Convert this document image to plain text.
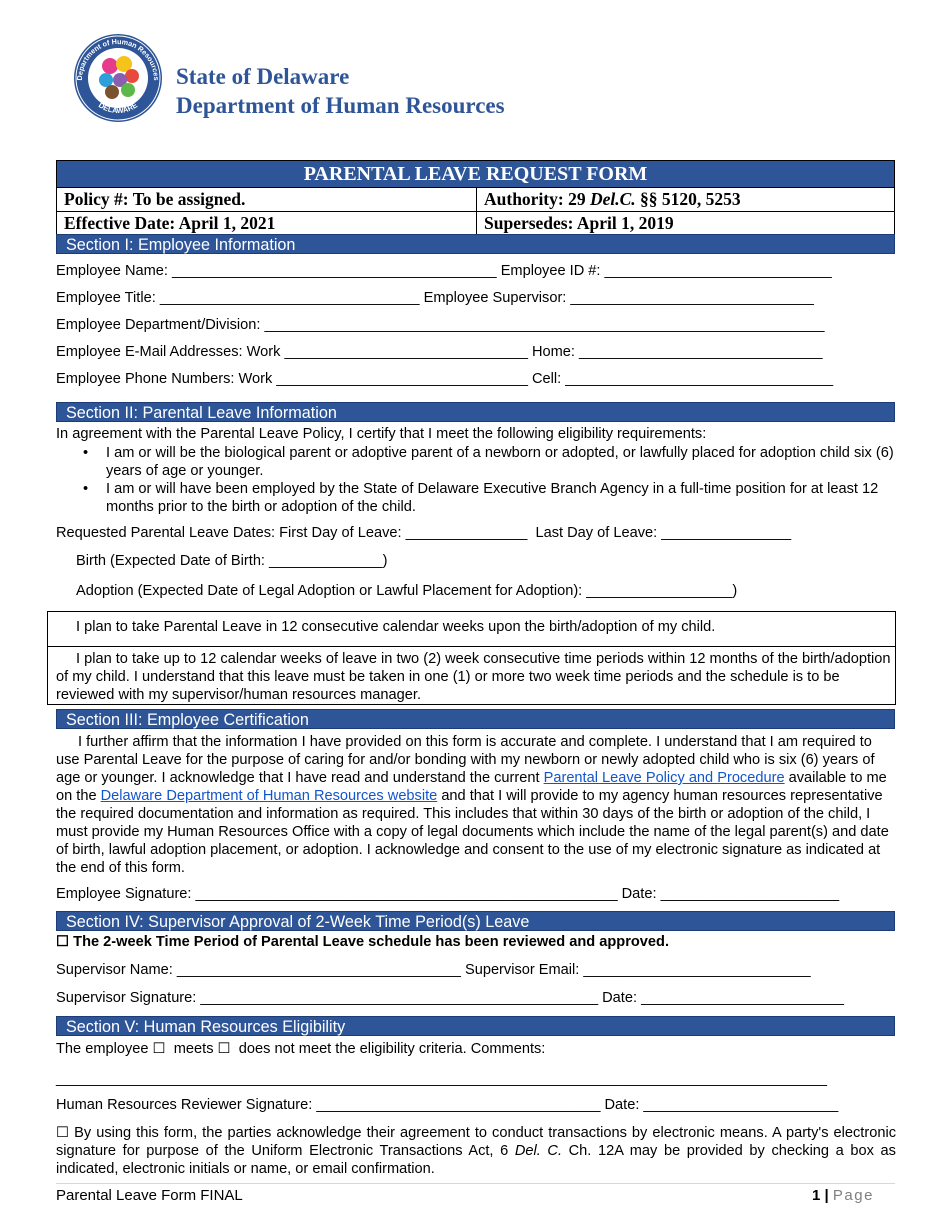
Department of Human Resources
DELAWARE
State of Delaware
Department of Human Resources
PARENTAL LEAVE REQUEST FORM
Policy #: To be assigned.	Authority: 29 Del.C. §§ 5120, 5253
Effective Date: April 1, 2021	Supersedes: April 1, 2019
Section I: Employee Information
Employee Name: ________________________________________ Employee ID #: ____________________________
Employee Title: ________________________________ Employee Supervisor: ______________________________
Employee Department/Division: _____________________________________________________________________
Employee E-Mail Addresses: Work ______________________________ Home: ______________________________
Employee Phone Numbers: Work _______________________________ Cell: _________________________________
Section II: Parental Leave Information
In agreement with the Parental Leave Policy, I certify that I meet the following eligibility requirements:
• I am or will be the biological parent or adoptive parent of a newborn or adopted, or lawfully placed for adoption child six (6) years of age or younger.
• I am or will have been employed by the State of Delaware Executive Branch Agency in a full-time position for at least 12 months prior to the birth or adoption of the child.
Requested Parental Leave Dates: First Day of Leave: _______________  Last Day of Leave: ________________
Birth (Expected Date of Birth: ______________)
Adoption (Expected Date of Legal Adoption or Lawful Placement for Adoption): __________________)
I plan to take Parental Leave in 12 consecutive calendar weeks upon the birth/adoption of my child.
I plan to take up to 12 calendar weeks of leave in two (2) week consecutive time periods within 12 months of the birth/adoption of my child. I understand that this leave must be taken in one (1) or more two week time periods and the schedule is to be reviewed with my supervisor/human resources manager.
Section III: Employee Certification
I further affirm that the information I have provided on this form is accurate and complete. I understand that I am required to use Parental Leave for the purpose of caring for and/or bonding with my newborn or newly adopted child who is six (6) years of age or younger. I acknowledge that I have read and understand the current Parental Leave Policy and Procedure available to me on the Delaware Department of Human Resources website and that I will provide to my agency human resources representative the required documentation and information as required. This includes that within 30 days of the birth or adoption of the child, I must provide my Human Resources Office with a copy of legal documents which include the name of the legal parent(s) and date of birth, lawful adoption placement, or adoption. I acknowledge and consent to the use of my electronic signature as indicated at the end of this form.
Employee Signature: ____________________________________________________ Date: ______________________
Section IV: Supervisor Approval of 2-Week Time Period(s) Leave
☐ The 2-week Time Period of Parental Leave schedule has been reviewed and approved.
Supervisor Name: ___________________________________ Supervisor Email: ____________________________
Supervisor Signature: _________________________________________________ Date: _________________________
Section V: Human Resources Eligibility
The employee ☐  meets ☐  does not meet the eligibility criteria. Comments:
_______________________________________________________________________________________________
Human Resources Reviewer Signature: ___________________________________ Date: ________________________
☐ By using this form, the parties acknowledge their agreement to conduct transactions by electronic means. A party's electronic signature for purpose of the Uniform Electronic Transactions Act, 6 Del. C. Ch. 12A may be provided by checking a box as indicated, electronic initials or name, or email confirmation.
Parental Leave Form FINAL	1 | Page
